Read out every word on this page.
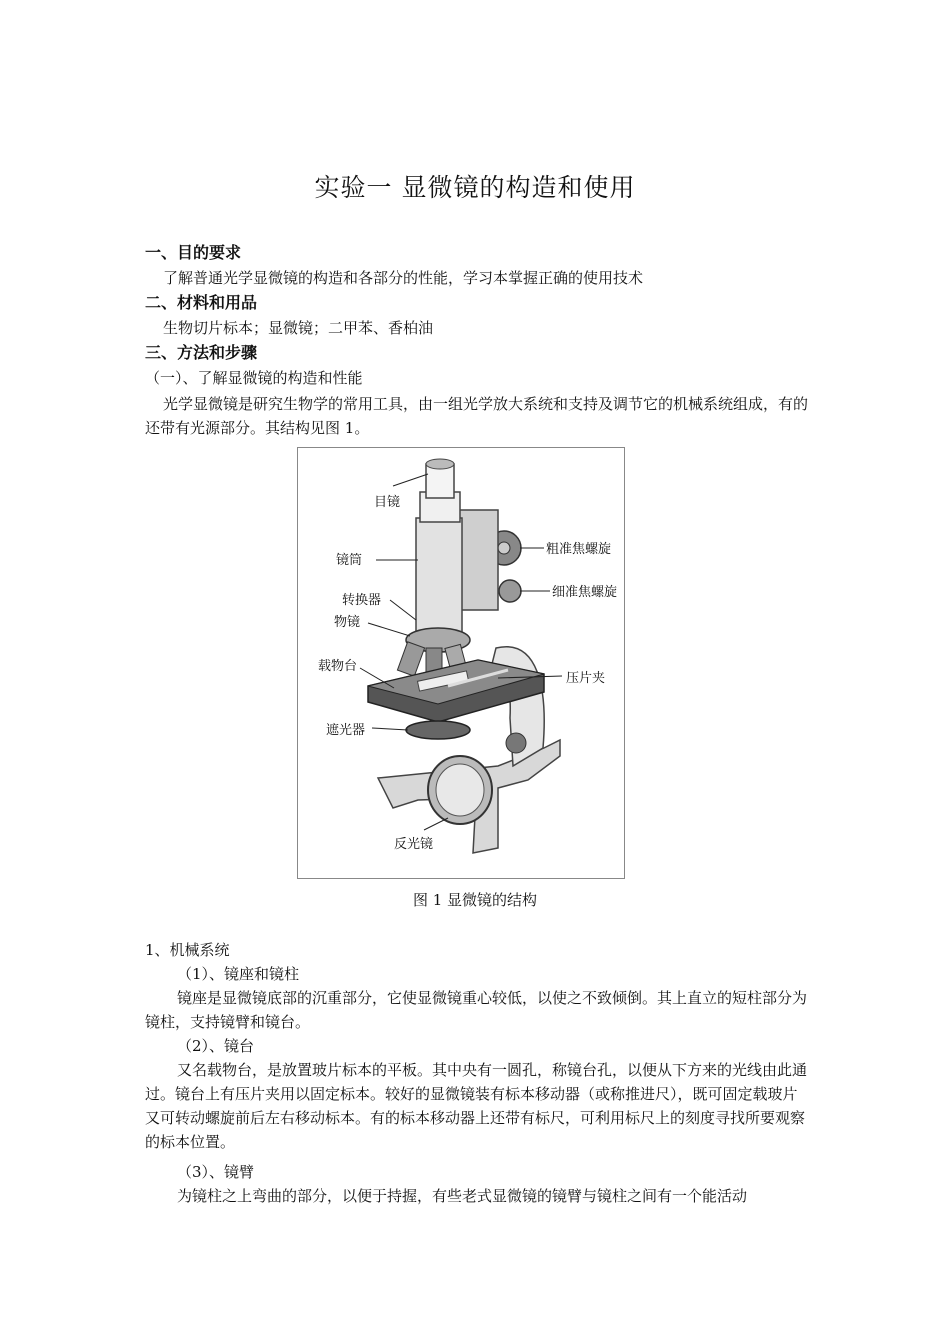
实验一 显微镜的构造和使用
一、目的要求
了解普通光学显微镜的构造和各部分的性能，学习本掌握正确的使用技术
二、材料和用品
生物切片标本；显微镜；二甲苯、香柏油
三、方法和步骤
（一）、了解显微镜的构造和性能
光学显微镜是研究生物学的常用工具，由一组光学放大系统和支持及调节它的机械系统组成，有的还带有光源部分。其结构见图 1。
目镜
镜筒
粗准焦螺旋
细准焦螺旋
转换器
物镜
载物台
压片夹
遮光器
反光镜
图 1 显微镜的结构
1、机械系统
（1）、镜座和镜柱
镜座是显微镜底部的沉重部分，它使显微镜重心较低，以使之不致倾倒。其上直立的短柱部分为镜柱，支持镜臂和镜台。
（2）、镜台
又名载物台，是放置玻片标本的平板。其中央有一圆孔，称镜台孔，以便从下方来的光线由此通过。镜台上有压片夹用以固定标本。较好的显微镜装有标本移动器（或称推进尺），既可固定载玻片又可转动螺旋前后左右移动标本。有的标本移动器上还带有标尺，可利用标尺上的刻度寻找所要观察的标本位置。
（3）、镜臂
为镜柱之上弯曲的部分，以便于持握，有些老式显微镜的镜臂与镜柱之间有一个能活动
